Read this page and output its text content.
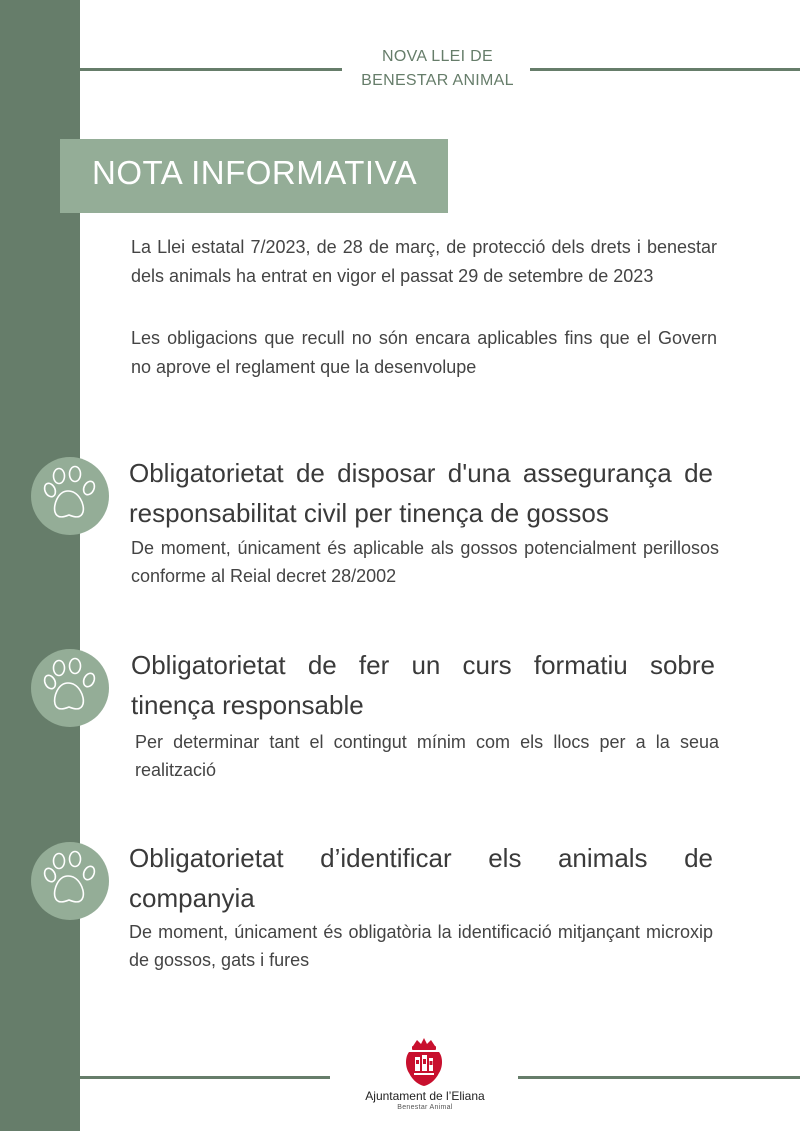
NOVA LLEI DE
BENESTAR ANIMAL
NOTA INFORMATIVA
La Llei estatal 7/2023, de 28 de març, de protecció dels drets i benestar dels animals ha entrat en vigor el passat 29 de setembre de 2023
Les obligacions que recull no són encara aplicables fins que el Govern no aprove el reglament que la desenvolupe
Obligatorietat de disposar d'una assegurança de responsabilitat civil per tinença de gossos
De moment, únicament és aplicable als gossos potencialment perillosos conforme al Reial decret 28/2002
Obligatorietat de fer un curs formatiu sobre tinença responsable
Per determinar tant el contingut mínim com els llocs per a la seua realització
Obligatorietat d’identificar els animals de companyia
De moment, únicament és obligatòria la identificació mitjançant microxip de gossos, gats i fures
Ajuntament de l’Eliana
Benestar Animal
